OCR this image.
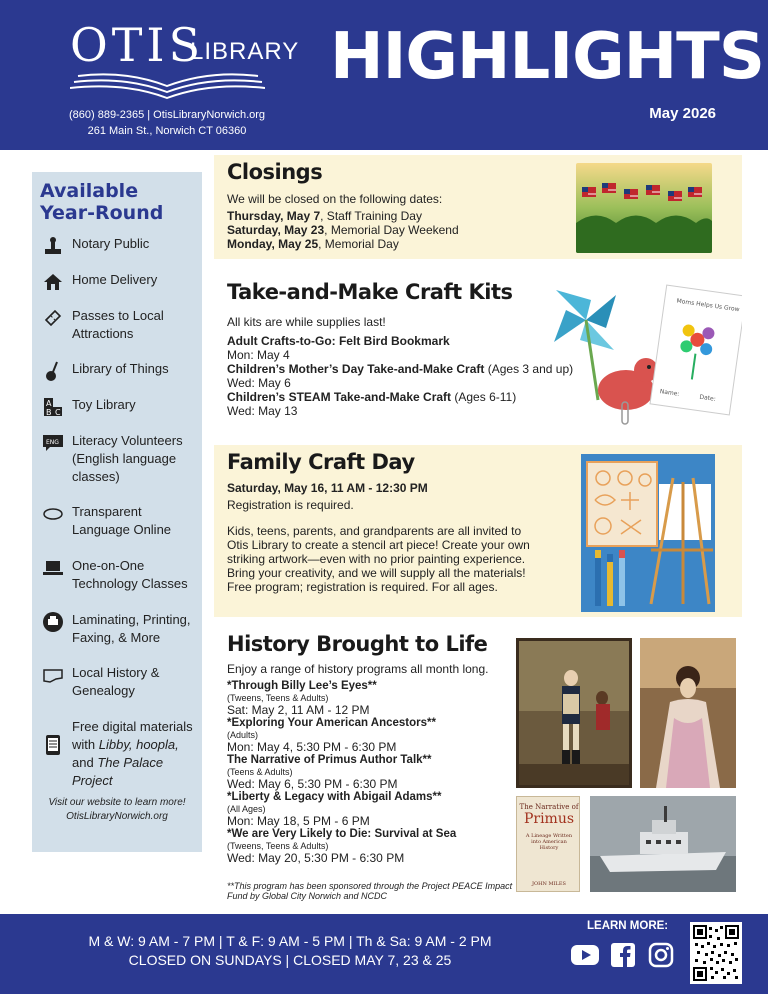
OTIS
LIBRARY
(860) 889-2365 | OtisLibraryNorwich.org
261 Main St., Norwich CT 06360
HIGHLIGHTS
May 2026
Available
Year-Round
Notary Public
Home Delivery
Passes to Local Attractions
Library of Things
A
B C
Toy Library
ENG Literacy Volunteers (English language classes)
Transparent Language Online
One-on-One Technology Classes
Laminating, Printing, Faxing, & More
Local History & Genealogy
Free digital materials with Libby, hoopla, and The Palace Project
Visit our website to learn more!
OtisLibraryNorwich.org
Closings
We will be closed on the following dates:
Thursday, May 7, Staff Training Day
Saturday, May 23, Memorial Day Weekend
Monday, May 25, Memorial Day
Take-and-Make Craft Kits
All kits are while supplies last!
Adult Crafts-to-Go: Felt Bird Bookmark
Mon: May 4
Children’s Mother’s Day Take-and-Make Craft (Ages 3 and up)
Wed: May 6
Children’s STEAM Take-and-Make Craft (Ages 6-11)
Wed: May 13
Moms Helps Us Grow
Name:
Date:
Family Craft Day
Saturday, May 16, 11 AM - 12:30 PM
Registration is required.
Kids, teens, parents, and grandparents are all invited to Otis Library to create a stencil art piece! Create your own striking artwork—even with no prior painting experience. Bring your creativity, and we will supply all the materials! Free program; registration is required. For all ages.
History Brought to Life
Enjoy a range of history programs all month long.
*Through Billy Lee’s Eyes**
(Tweens, Teens & Adults)
Sat: May 2, 11 AM - 12 PM
*Exploring Your American Ancestors**
(Adults)
Mon: May 4, 5:30 PM - 6:30 PM
The Narrative of Primus Author Talk**
(Teens & Adults)
Wed: May 6, 5:30 PM - 6:30 PM
*Liberty & Legacy with Abigail Adams**
(All Ages)
Mon: May 18, 5 PM - 6 PM
*We are Very Likely to Die: Survival at Sea
(Tweens, Teens & Adults)
Wed: May 20, 5:30 PM - 6:30 PM
**This program has been sponsored through the Project PEACE Impact Fund by Global City Norwich and NCDC
The Narrative of
Primus
A Lineage Written into American History
JOHN MILES
M & W: 9 AM - 7 PM | T & F: 9 AM - 5 PM | Th & Sa: 9 AM - 2 PM
CLOSED ON SUNDAYS | CLOSED MAY 7, 23 & 25
LEARN MORE:
